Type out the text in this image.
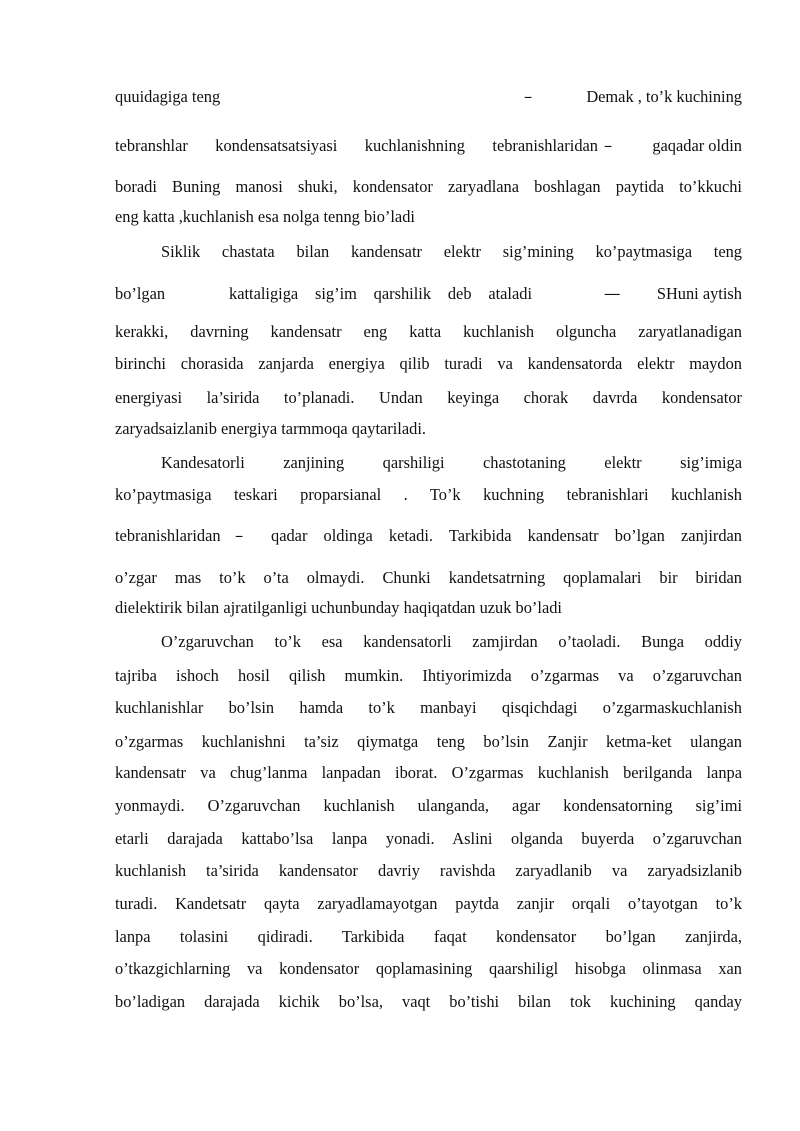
quuidagiga teng	–	Demak , to’k kuchining
tebranshlar kondensatsatsiyasi kuchlanishning tebranishlaridan – gaqadar oldin
boradi Buning manosi shuki, kondensator zaryadlana boshlagan paytida to’kkuchi
eng katta ,kuchlanish esa nolga tenng bio’ladi
Siklik chastata bilan kandensatr elektr sig’mining ko’paytmasiga teng
bo’lgan	kattaligiga sig’im qarshilik deb ataladi	— SHuni aytish
kerakki, davrning kandensatr eng katta kuchlanish olguncha zaryatlanadigan
birinchi chorasida zanjarda energiya qilib turadi va kandensatorda elektr maydon
energiyasi la’sirida to’planadi. Undan keyinga chorak davrda kondensator
zaryadsaizlanib energiya tarmmoqa qaytariladi.
Kandesatorli zanjining qarshiligi chastotaning elektr sig’imiga
ko’paytmasiga teskari proparsianal . To’k kuchning tebranishlari kuchlanish
tebranishlaridan – qadar oldinga ketadi. Tarkibida kandensatr bo’lgan zanjirdan
o’zgar mas to’k o’ta olmaydi. Chunki kandetsatrning qoplamalari bir biridan
dielektirik bilan ajratilganligi uchunbunday haqiqatdan uzuk bo’ladi
O’zgaruvchan to’k esa kandensatorli zamjirdan o’taoladi. Bunga oddiy
tajriba ishoch hosil qilish mumkin. Ihtiyorimizda o’zgarmas va o’zgaruvchan
kuchlanishlar bo’lsin hamda to’k manbayi qisqichdagi o’zgarmaskuchlanish
o’zgarmas kuchlanishni ta’siz qiymatga teng bo’lsin Zanjir ketma-ket ulangan
kandensatr va chug’lanma lanpadan iborat. O’zgarmas kuchlanish berilganda lanpa
yonmaydi. O’zgaruvchan kuchlanish ulanganda, agar kondensatorning sig’imi
etarli darajada kattabo’lsa lanpa yonadi. Aslini olganda buyerda o’zgaruvchan
kuchlanish ta’sirida kandensator davriy ravishda zaryadlanib va zaryadsizlanib
turadi. Kandetsatr qayta zaryadlamayotgan paytda zanjir orqali o’tayotgan to’k
lanpa tolasini qidiradi. Tarkibida faqat kondensator bo’lgan zanjirda,
o’tkazgichlarning va kondensator qoplamasining qaarshiligl hisobga olinmasa xan
bo’ladigan darajada kichik bo’lsa, vaqt bo’tishi bilan tok kuchining qanday
